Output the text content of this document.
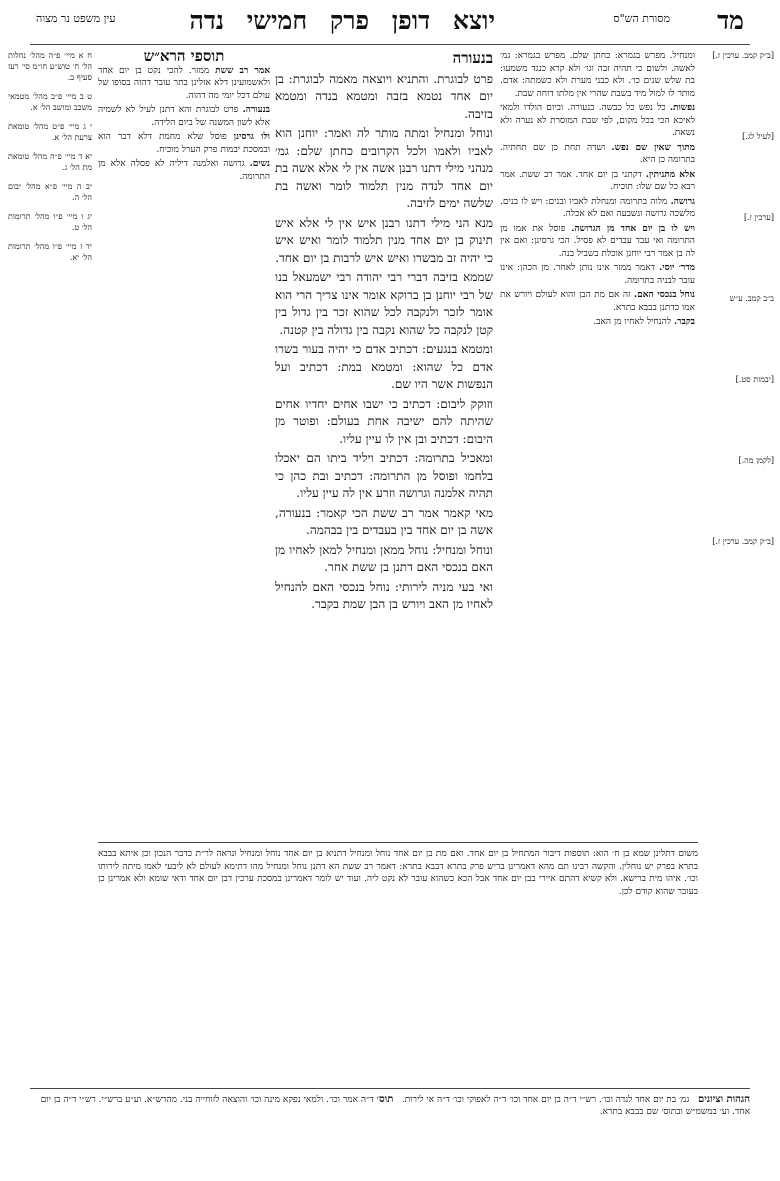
מד
יוצא דופן פרק חמישי נדה	מסורת הש"ס
עין משפט נר מצוה

[ב״ק קמב. ערכין ז.]

[לעיל לג.]

[ערכין ז.]

ב״ב קמב. ע״ש

[יבמות סט.]

[לקמן מה.]

[ב״ק קמב. ערכין ז.]

ומנחיל. מפרש בגמרא: כחתן שלם. מפרש בגמרא: גמ׳ לאשה. ולשום כי תהיה זבה וגו׳ ולא קרא כנגד משמעו: בת שלש שנים כו׳. ולא כבני מערת ולא כשמתה: אדם. מותר לו למול מיד בשבת שהרי אין מלתו דוחה שבת.

נפשות. כל נפש כל כבשה. כנעורה. וביום הולדו ולמאי לאיכא הכי בכל מקום, לפי שבת המוסרת לא נערה ולא נשאת.

מתוך שאין שם נפש. ושדה תחת כן שם תחתיה. בתרומה כן היא.

אלא מתניתין. דקתני בן יום אחד. אמר רב ששת. אמר רבא כל שם שלו: תוכיח.

גרושה. מלוה בתרומה ומנחלת לאביו ובנים: ויש לו בנים. מלשכה גרושה ונשבעה ואם לא אכלה.

ויש לו בן יום אחד מן הגרושה. פוסל את אמו מן התרומה ואי עבד עבדים לא פסיל. הכי גרסינן: ואם אין לה בן אמר רבי יוחנן אוכלת בשביל בנה.

מדר׳ יוסי. דאמר ממזר אינו נותן לאחר. מן הכהן: אינו עובר לבניה בתרומה.

נוחל בנכסי האם. זה אם מת הבן והוא לעולם ויורש את אמו כדתנן בבבא בתרא.

בקבר. להנחיל לאחיו מן האב.

בנעורה

פרט לבוגרת. והתניא ויוצאה מאמה לבוגרת: בן יום אחד נטמא בזבה ומטמא בנדה ומטמא בזיבה.

ונוחל ומנחיל ומתה מותר לה ואמר: יוחנן הוא לאביו ולאמו ולכל הקרובים כחתן שלם: גמ׳ מנהני מילי דתנו רבנן אשה אין לי אלא אשה בת יום אחד לנדה מנין תלמוד לומר ואשה בת שלשה ימים לזיבה.

מנא הני מילי דתנו רבנן איש אין לי אלא איש תינוק בן יום אחד מנין תלמוד לומר ואיש איש כי יהיה זב מבשרו ואיש איש לרבות בן יום אחד.

שממא בזיבה דברי רבי יהודה רבי ישמעאל בנו של רבי יוחנן בן ברוקא אומר אינו צריך הרי הוא אומר לזכר ולנקבה לכל שהוא זכר בין גדול בין קטן לנקבה כל שהוא נקבה בין גדולה בין קטנה.

ומטמא בנגעים: דכתיב אדם כי יהיה בעור בשרו אדם כל שהוא: ומטמא במת: דכתיב ועל הנפשות אשר היו שם.

וזוקק ליבום: דכתיב כי ישבו אחים יחדיו אחים שהיתה להם ישיבה אחת בעולם: ופוטר מן היבום: דכתיב ובן אין לו עיין עליו.

ומאכיל בתרומה: דכתיב ויליד ביתו הם יאכלו בלחמו ופוסל מן התרומה: דכתיב ובת כהן כי תהיה אלמנה וגרושה וזרע אין לה עיין עליו.

מאי קאמר אמר רב ששת הכי קאמר: בנעורה, אשה בן יום אחד בין בעבדים בין בבהמה.

ונוחל ומנחיל: נוחל ממאן ומנחיל למאן לאחיו מן האם בנכסי האם דתנן בן ששת אחר.

ואי בעי מניה לירותי: נוחל בנכסי האם להנחיל לאחיו מן האב ויורש בן הבן שמת בקבר.

תוספי הרא״ש

אמר רב ששת ממזר. להכי נקט בן יום אחד ולאשמועינן דלא אזלינן בתר עובר דהוה בסופו של עולם דכל יומי מה דהוה.

בנעורה. פרט לבוגרת והא דתנן לעיל לא לשמיה אלא לשון המשנה של ביום הלידה.

ולו גרסינן פוסל שלא מחמת דלא דבר הוא ובמסכת יבמות פרק הערל מוכיח.

נשים. גרושה ואלמנה דיליה לא פסלה אלא מן התרומה.

ח א מיי׳ פ״ה מהל׳ נחלות הל׳ ח׳ טוש״ע חו״מ סי׳ רעז סעיף ב.

ט ב מיי׳ פ״ב מהל׳ מטמאי משכב ומושב הל׳ א.

י ג מיי׳ פ״ט מהל׳ טומאת צרעת הל׳ א.

יא ד מיי׳ פ״ה מהל׳ טומאת מת הל׳ ג.

יב ה מיי׳ פ״א מהל׳ יבום הל׳ ה.

יג ו מיי׳ פ״ו מהל׳ תרומות הל׳ ט.

יד ז מיי׳ פ״ו מהל׳ תרומות הל׳ יא.

משום דתלינן שמא בן ח׳ הוא: תוספות דיבור המתחיל בן יום אחד. ואם מת בן יום אחד נוחל ומנחיל דתניא בן יום אחד נוחל ומנחיל ונראה לר״ת כדבר הנכון וכן איתא בבבא בתרא בפרק יש נוחלין. והקשה רבינו תם מהא דאמרינן בריש פרק בתרא דבבא בתרא: דאמר רב ששת הא דתנן נוחל ומנחיל מהו דתימא לעולם לא ליבעי לאמו מיתה לירותו וכו׳. איהו מית ברישא. ולא קשיא דהתם איירי בבן יום אחד אבל הכא כשהוא עובר לא נקט ליה. ועוד יש לומר דאמרינן במסכת ערכין דבן יום אחד ודאי שומא ולא אמרינן כן בעובר שהוא קודם לכן.
הגהות וציונים   גמ׳ בת יום אחד לנדה וכו׳. רש״י ד״ה בן יום אחד וכו׳ ד״ה לאפוקי וכו׳ ד״ה אי לירות.   תוס׳ ד״ה אמר וכו׳. ולמאי נפקא מינה וכו׳ והוצאה לזוחייה בני. מהרש״א. וע״ע ברש״י. רש״י ד״ה בן יום אחד. וע׳ במשמ״ש ובתוס׳ שם בבבא בתרא.
